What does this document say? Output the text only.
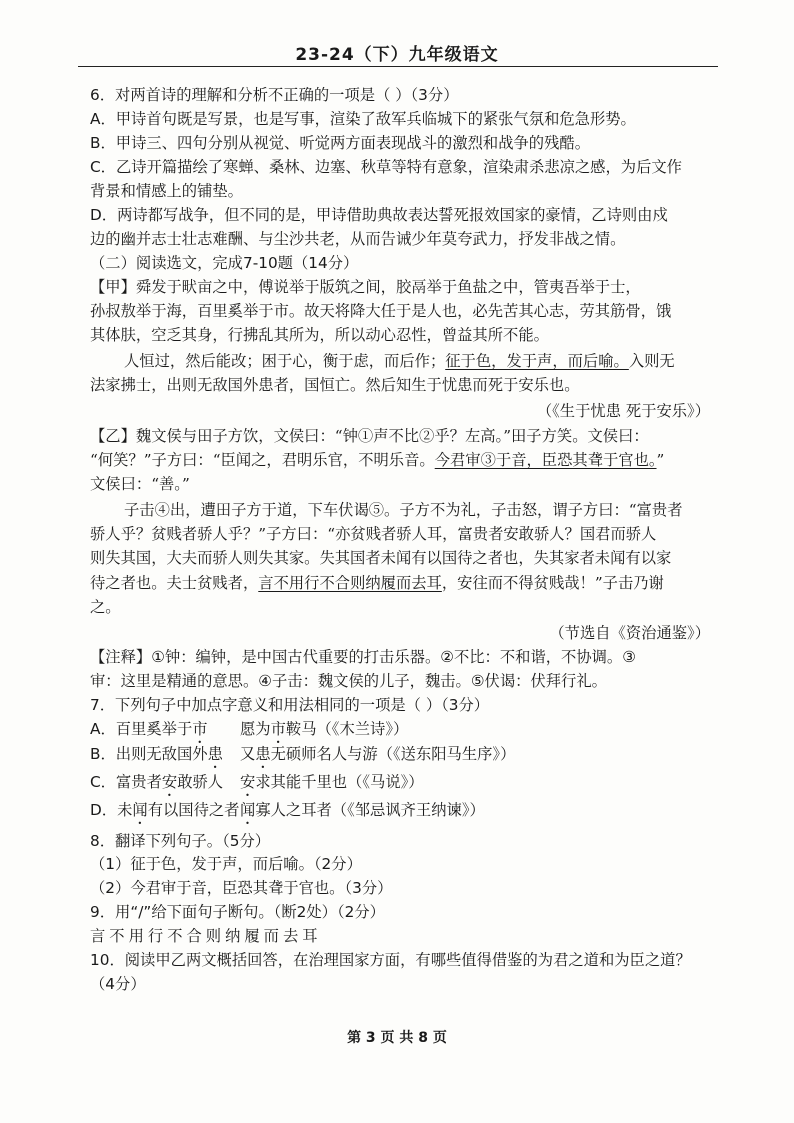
23-24（下）九年级语文
6．对两首诗的理解和分析不正确的一项是（ ）（3分）
A．甲诗首句既是写景，也是写事，渲染了敌军兵临城下的紧张气氛和危急形势。
B．甲诗三、四句分别从视觉、听觉两方面表现战斗的激烈和战争的残酷。
C．乙诗开篇描绘了寒蝉、桑林、边塞、秋草等特有意象，渲染肃杀悲凉之感，为后文作
背景和情感上的铺垫。
D．两诗都写战争，但不同的是，甲诗借助典故表达誓死报效国家的豪情，乙诗则由戍
边的幽并志士壮志难酬、与尘沙共老，从而告诫少年莫夸武力，抒发非战之情。
（二）阅读选文，完成7-10题（14分）
【甲】舜发于畎亩之中，傅说举于版筑之间，胶鬲举于鱼盐之中，管夷吾举于士，
孙叔敖举于海，百里奚举于市。故天将降大任于是人也，必先苦其心志，劳其筋骨，饿
其体肤，空乏其身，行拂乱其所为，所以动心忍性，曾益其所不能。
人恒过，然后能改；困于心，衡于虑，而后作；征于色，发于声，而后喻。入则无
法家拂士，出则无敌国外患者，国恒亡。然后知生于忧患而死于安乐也。
（《生于忧患 死于安乐》）
【乙】魏文侯与田子方饮，文侯曰：“钟①声不比②乎？左高。”田子方笑。文侯曰：
“何笑？”子方曰：“臣闻之，君明乐官，不明乐音。今君审③于音，臣恐其聋于官也。”
文侯曰：“善。”
子击④出，遭田子方于道，下车伏谒⑤。子方不为礼，子击怒，谓子方曰：“富贵者
骄人乎？贫贱者骄人乎？”子方曰：“亦贫贱者骄人耳，富贵者安敢骄人？国君而骄人
则失其国，大夫而骄人则失其家。失其国者未闻有以国待之者也，失其家者未闻有以家
待之者也。夫士贫贱者，言不用行不合则纳履而去耳，安往而不得贫贱哉！”子击乃谢
之。
（节选自《资治通鉴》）
【注释】①钟：编钟，是中国古代重要的打击乐器。②不比：不和谐，不协调。③
审：这里是精通的意思。④子击：魏文侯的儿子，魏击。⑤伏谒：伏拜行礼。
7．下列句子中加点字意义和用法相同的一项是（ ）（3分）
A．百里奚举于市 愿为市鞍马（《木兰诗》）
B．出则无敌国外患 又患无硕师名人与游（《送东阳马生序》）
C．富贵者安敢骄人 安求其能千里也（《马说》）
D．未闻有以国待之者闻寡人之耳者（《邹忌讽齐王纳谏》）
8．翻译下列句子。（5分）
（1）征于色，发于声，而后喻。（2分）
（2）今君审于音，臣恐其聋于官也。（3分）
9．用“/”给下面句子断句。（断2处）（2分）
言不用行不合则纳履而去耳
10．阅读甲乙两文概括回答，在治理国家方面，有哪些值得借鉴的为君之道和为臣之道？
（4分）
第 3 页 共 8 页
